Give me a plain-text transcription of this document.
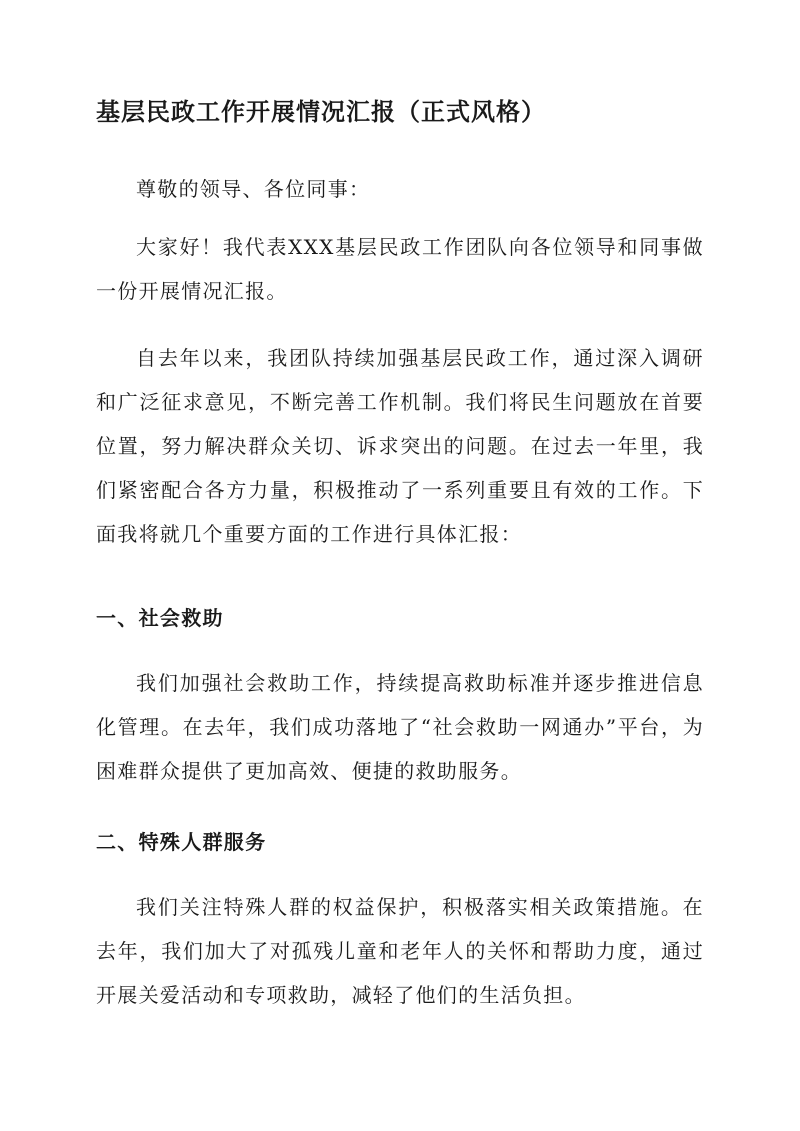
基层民政工作开展情况汇报（正式风格）

尊敬的领导、各位同事：

大家好！我代表XXX基层民政工作团队向各位领导和同事做一份开展情况汇报。

自去年以来，我团队持续加强基层民政工作，通过深入调研和广泛征求意见，不断完善工作机制。我们将民生问题放在首要位置，努力解决群众关切、诉求突出的问题。在过去一年里，我们紧密配合各方力量，积极推动了一系列重要且有效的工作。下面我将就几个重要方面的工作进行具体汇报：

一、社会救助

我们加强社会救助工作，持续提高救助标准并逐步推进信息化管理。在去年，我们成功落地了“社会救助一网通办”平台，为困难群众提供了更加高效、便捷的救助服务。

二、特殊人群服务

我们关注特殊人群的权益保护，积极落实相关政策措施。在去年，我们加大了对孤残儿童和老年人的关怀和帮助力度，通过开展关爱活动和专项救助，减轻了他们的生活负担。
